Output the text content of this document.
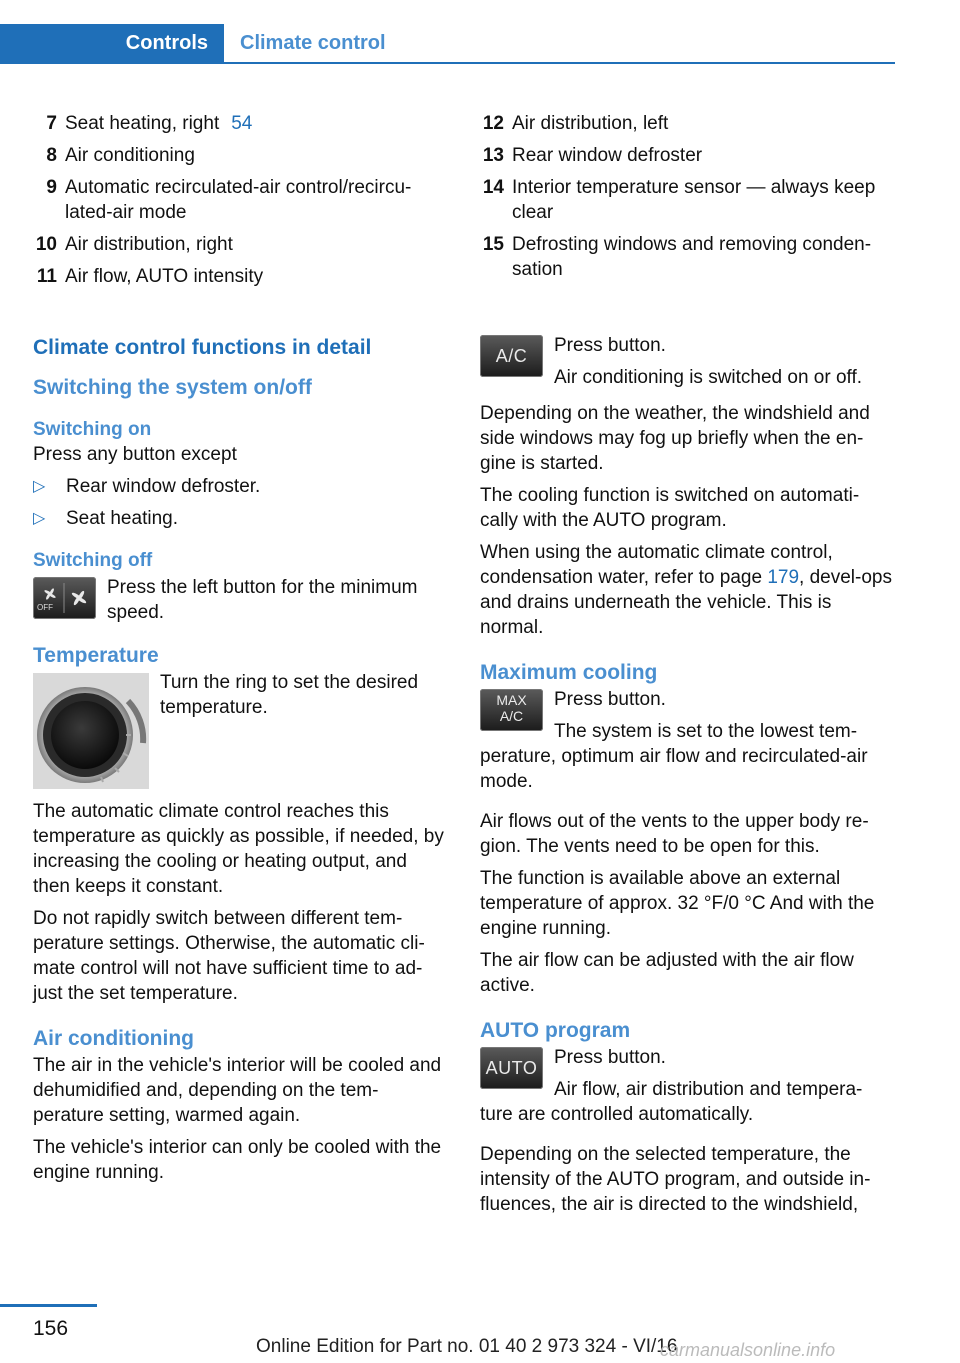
Controls	Climate control
7 Seat heating, right 54
8 Air conditioning
9 Automatic recirculated-air control/recircu-lated-air mode
10 Air distribution, right
11 Air flow, AUTO intensity
Climate control functions in detail
Switching the system on/off
Switching on

Press any button except

▷ Rear window defroster.
▷ Seat heating.
Switching off
OFF

Press the left button for the minimum speed.

Temperature

Turn the ring to set the desired temperature.

The automatic climate control reaches this temperature as quickly as possible, if needed, by increasing the cooling or heating output, and then keeps it constant.

Do not rapidly switch between different tem-perature settings. Otherwise, the automatic cli-mate control will not have sufficient time to ad-just the set temperature.

Air conditioning

The air in the vehicle's interior will be cooled and dehumidified and, depending on the tem-perature setting, warmed again.

The vehicle's interior can only be cooled with the engine running.

12 Air distribution, left
13 Rear window defroster
14 Interior temperature sensor — always keep clear
15 Defrosting windows and removing conden-sation
A/C	Press button.

Air conditioning is switched on or off.

Depending on the weather, the windshield and side windows may fog up briefly when the en-gine is started.

The cooling function is switched on automati-cally with the AUTO program.

When using the automatic climate control, condensation water, refer to page 179, devel-ops and drains underneath the vehicle. This is normal.

Maximum cooling
MAX
A/C

Press button.

The system is set to the lowest tem-perature, optimum air flow and recirculated-air mode.

Air flows out of the vents to the upper body re-gion. The vents need to be open for this.

The function is available above an external temperature of approx. 32 °F/0 °C And with the engine running.

The air flow can be adjusted with the air flow active.

AUTO program
AUTO Press button.

Air flow, air distribution and tempera-ture are controlled automatically.

Depending on the selected temperature, the intensity of the AUTO program, and outside in-fluences, the air is directed to the windshield,

156
Online Edition for Part no. 01 40 2 973 324 - VI/16
carmanualsonline.info
